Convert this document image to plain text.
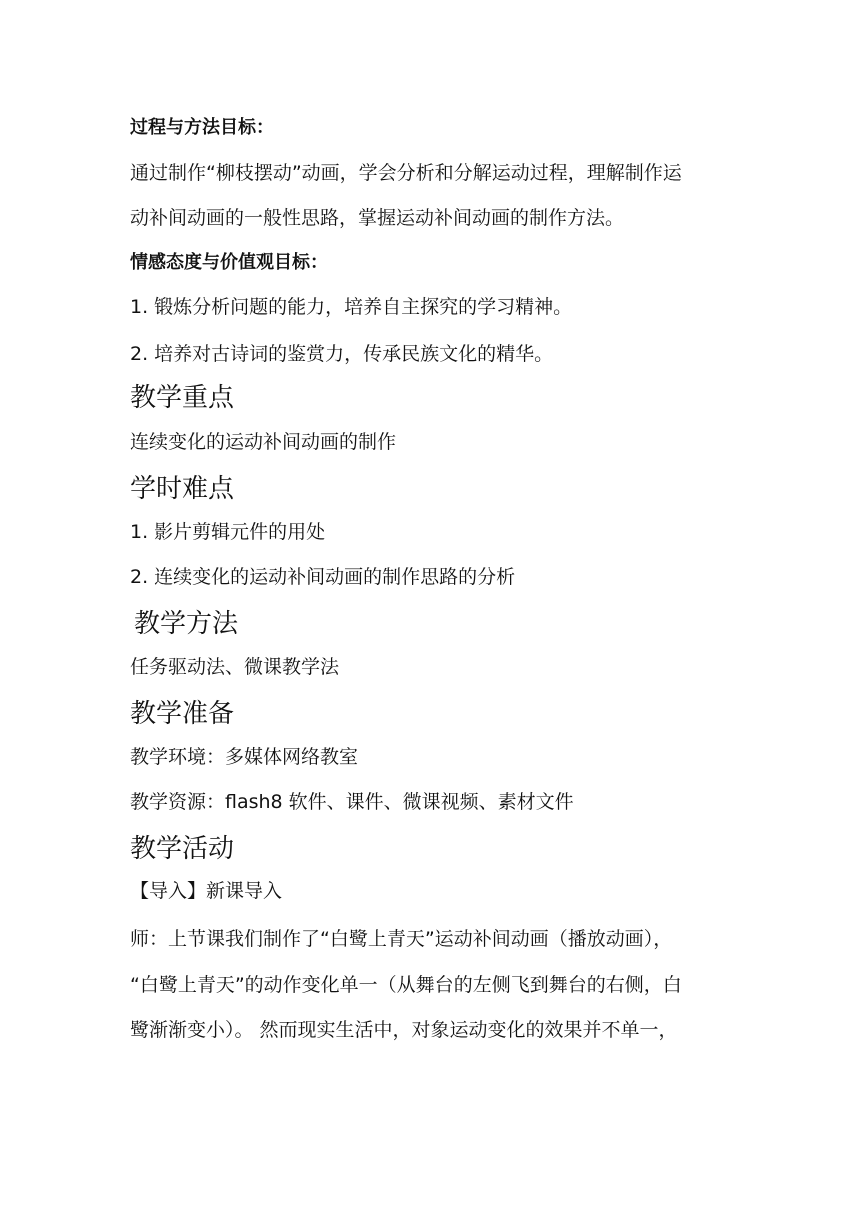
过程与方法目标：
通过制作“柳枝摆动”动画，学会分析和分解运动过程，理解制作运
动补间动画的一般性思路，掌握运动补间动画的制作方法。
情感态度与价值观目标：
1. 锻炼分析问题的能力，培养自主探究的学习精神。
2. 培养对古诗词的鉴赏力，传承民族文化的精华。
教学重点
连续变化的运动补间动画的制作
学时难点
1. 影片剪辑元件的用处
2. 连续变化的运动补间动画的制作思路的分析
教学方法
任务驱动法、微课教学法
教学准备
教学环境：多媒体网络教室
教学资源：flash8 软件、课件、微课视频、素材文件
教学活动
【导入】新课导入
师：上节课我们制作了“白鹭上青天”运动补间动画（播放动画），
“白鹭上青天”的动作变化单一（从舞台的左侧飞到舞台的右侧，白
鹭渐渐变小）。 然而现实生活中，对象运动变化的效果并不单一，
